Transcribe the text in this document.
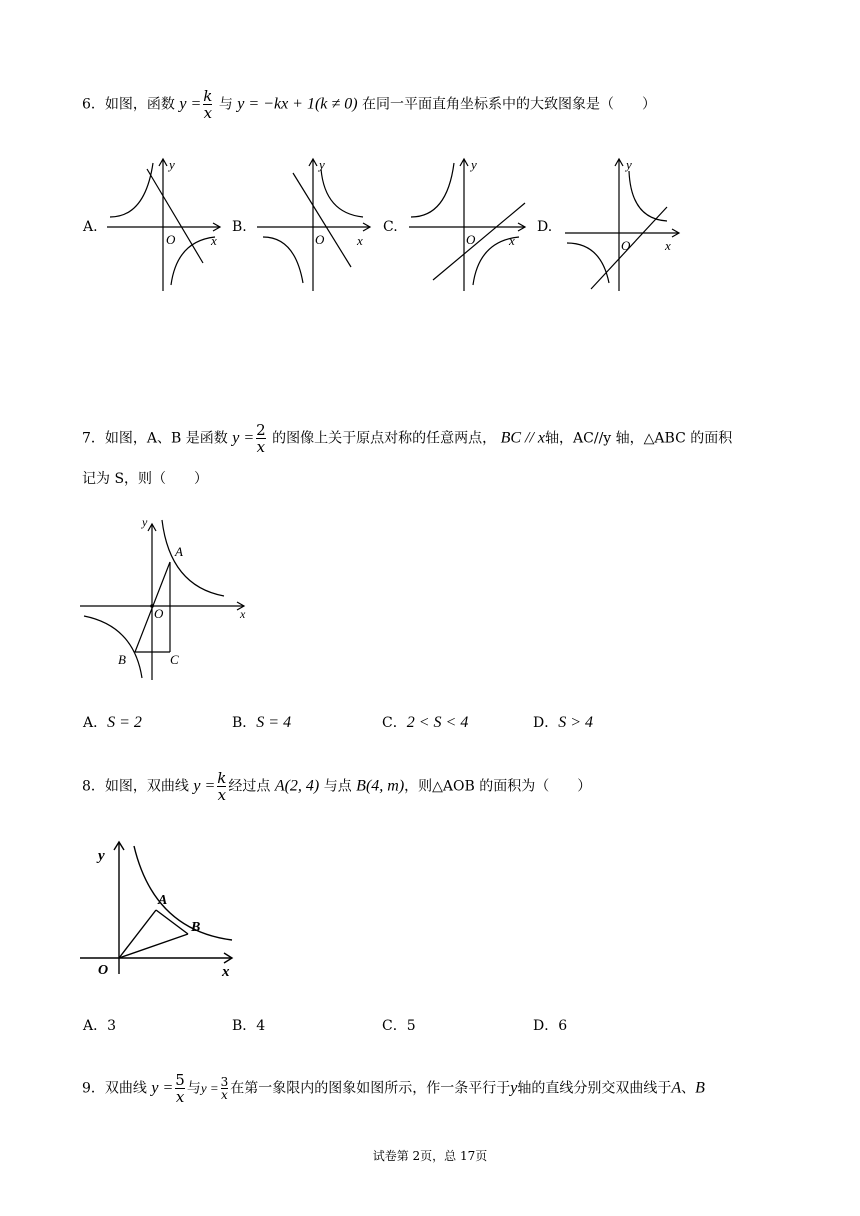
6．如图，函数 $y = \frac{k}{x}$ 与 y = −kx + 1(k ≠ 0) 在同一平面直角坐标系中的大致图象是（　　）
A.	B.	C.	D.
y
x
O
y
x
O
y
x
O
y
x
O
7．如图，A、B 是函数 $y = \frac{2}{x}$ 的图像上关于原点对称的任意两点， BC // x轴，AC//y 轴，△ABC 的面积
记为 S，则（　　）
y
x
A
O
B	C
A．S = 2	B．S = 4	C．2 < S < 4	D．S > 4
8．如图，双曲线 $y = \frac{k}{x}$ 经过点 A(2, 4) 与点 B(4, m)，则△AOB 的面积为（　　）
y
x
A
B
O
A．3	B．4	C．5	D．6
9．双曲线 $y = \frac{5}{x}$ 与$y = \frac{3}{x}$ 在第一象限内的图象如图所示，作一条平行于y轴的直线分别交双曲线于A、B
试卷第 2页，总 17页
